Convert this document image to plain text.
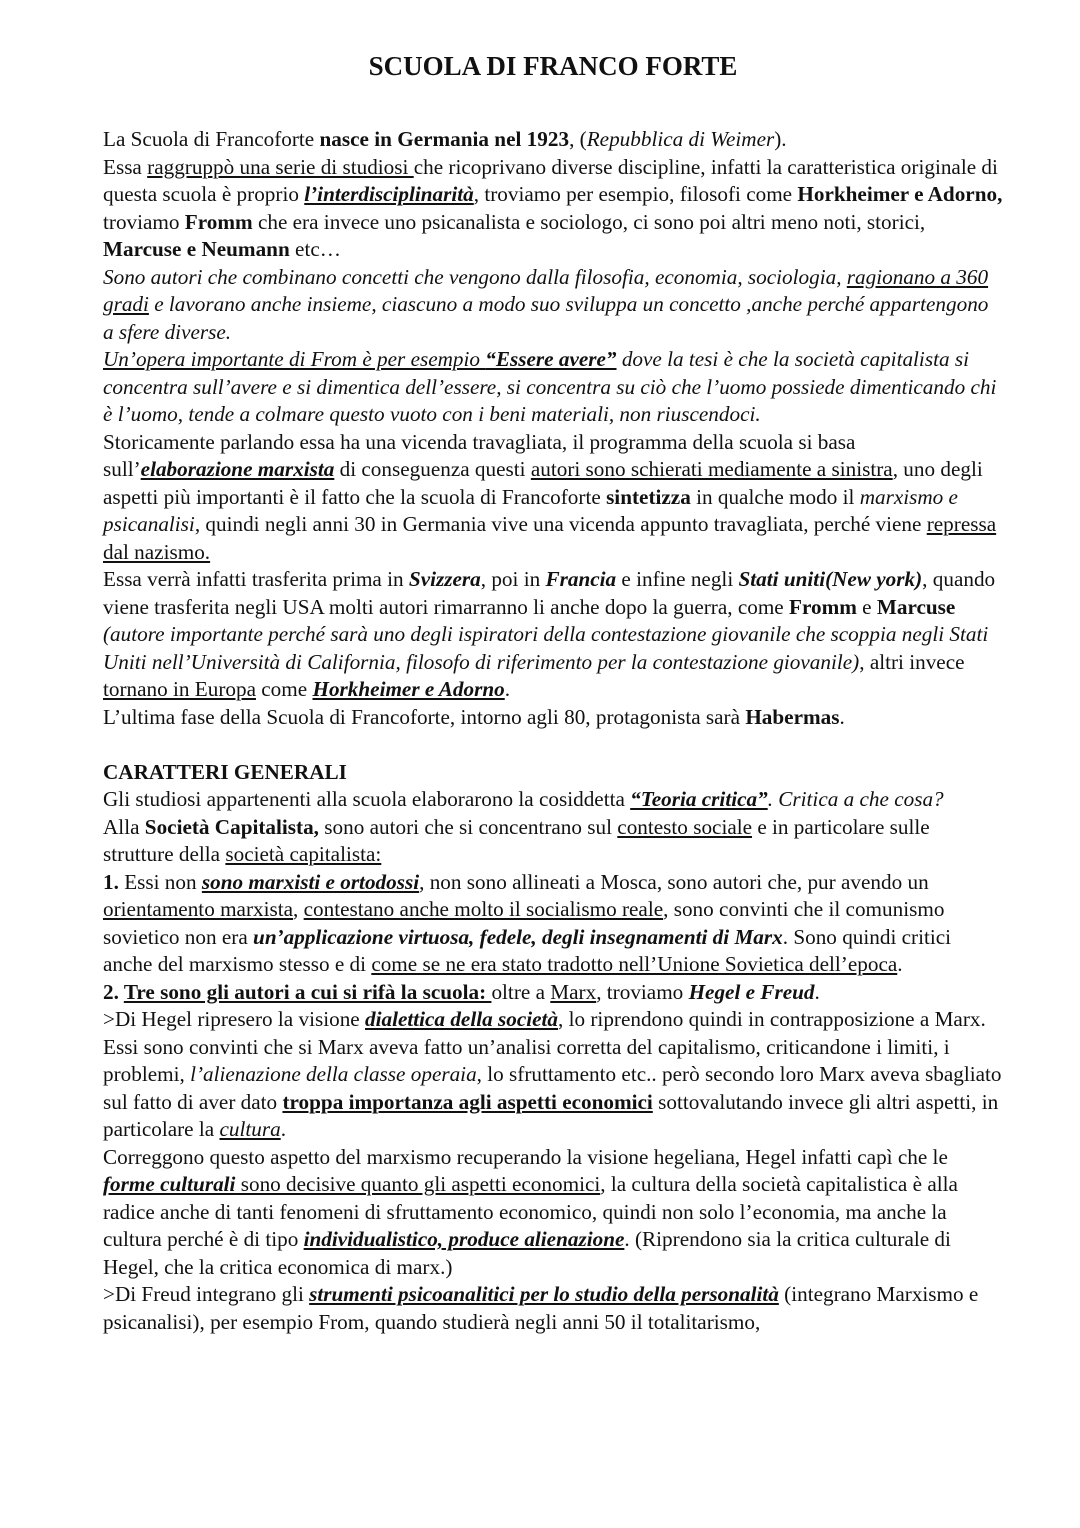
SCUOLA DI FRANCO FORTE

La Scuola di Francoforte nasce in Germania nel 1923, (Repubblica di Weimer).

Essa raggruppò una serie di studiosi che ricoprivano diverse discipline, infatti la caratteristica originale di questa scuola è proprio l’interdisciplinarità, troviamo per esempio, filosofi come Horkheimer e Adorno, troviamo Fromm che era invece uno psicanalista e sociologo, ci sono poi altri meno noti, storici, Marcuse e Neumann etc…

Sono autori che combinano concetti che vengono dalla filosofia, economia, sociologia, ragionano a 360 gradi e lavorano anche insieme, ciascuno a modo suo sviluppa un concetto ,anche perché appartengono a sfere diverse.

Un’opera importante di From è per esempio “Essere avere” dove la tesi è che la società capitalista si concentra sull’avere e si dimentica dell’essere, si concentra su ciò che l’uomo possiede dimenticando chi è l’uomo, tende a colmare questo vuoto con i beni materiali, non riuscendoci.

Storicamente parlando essa ha una vicenda travagliata, il programma della scuola si basa sull’elaborazione marxista di conseguenza questi autori sono schierati mediamente a sinistra, uno degli aspetti più importanti è il fatto che la scuola di Francoforte sintetizza in qualche modo il marxismo e psicanalisi, quindi negli anni 30 in Germania vive una vicenda appunto travagliata, perché viene repressa dal nazismo.

Essa verrà infatti trasferita prima in Svizzera, poi in Francia e infine negli Stati uniti(New york), quando viene trasferita negli USA molti autori rimarranno li anche dopo la guerra, come Fromm e Marcuse (autore importante perché sarà uno degli ispiratori della contestazione giovanile che scoppia negli Stati Uniti nell’Università di California, filosofo di riferimento per la contestazione giovanile), altri invece tornano in Europa come Horkheimer e Adorno.

L’ultima fase della Scuola di Francoforte, intorno agli 80, protagonista sarà Habermas.

CARATTERI GENERALI

Gli studiosi appartenenti alla scuola elaborarono la cosiddetta “Teoria critica”. Critica a che cosa?

Alla Società Capitalista, sono autori che si concentrano sul contesto sociale e in particolare sulle strutture della società capitalista:

1. Essi non sono marxisti e ortodossi, non sono allineati a Mosca, sono autori che, pur avendo un orientamento marxista, contestano anche molto il socialismo reale, sono convinti che il comunismo sovietico non era un’applicazione virtuosa, fedele, degli insegnamenti di Marx. Sono quindi critici anche del marxismo stesso e di come se ne era stato tradotto nell’Unione Sovietica dell’epoca.

2. Tre sono gli autori a cui si rifà la scuola: oltre a Marx, troviamo Hegel e Freud.

>Di Hegel ripresero la visione dialettica della società, lo riprendono quindi in contrapposizione a Marx. Essi sono convinti che si Marx aveva fatto un’analisi corretta del capitalismo, criticandone i limiti, i problemi, l’alienazione della classe operaia, lo sfruttamento etc.. però secondo loro Marx aveva sbagliato sul fatto di aver dato troppa importanza agli aspetti economici sottovalutando invece gli altri aspetti, in particolare la cultura.

Correggono questo aspetto del marxismo recuperando la visione hegeliana, Hegel infatti capì che le forme culturali sono decisive quanto gli aspetti economici, la cultura della società capitalistica è alla radice anche di tanti fenomeni di sfruttamento economico, quindi non solo l’economia, ma anche la cultura perché è di tipo individualistico, produce alienazione. (Riprendono sia la critica culturale di Hegel, che la critica economica di marx.)

>Di Freud integrano gli strumenti psicoanalitici per lo studio della personalità (integrano Marxismo e psicanalisi), per esempio From, quando studierà negli anni 50 il totalitarismo,
